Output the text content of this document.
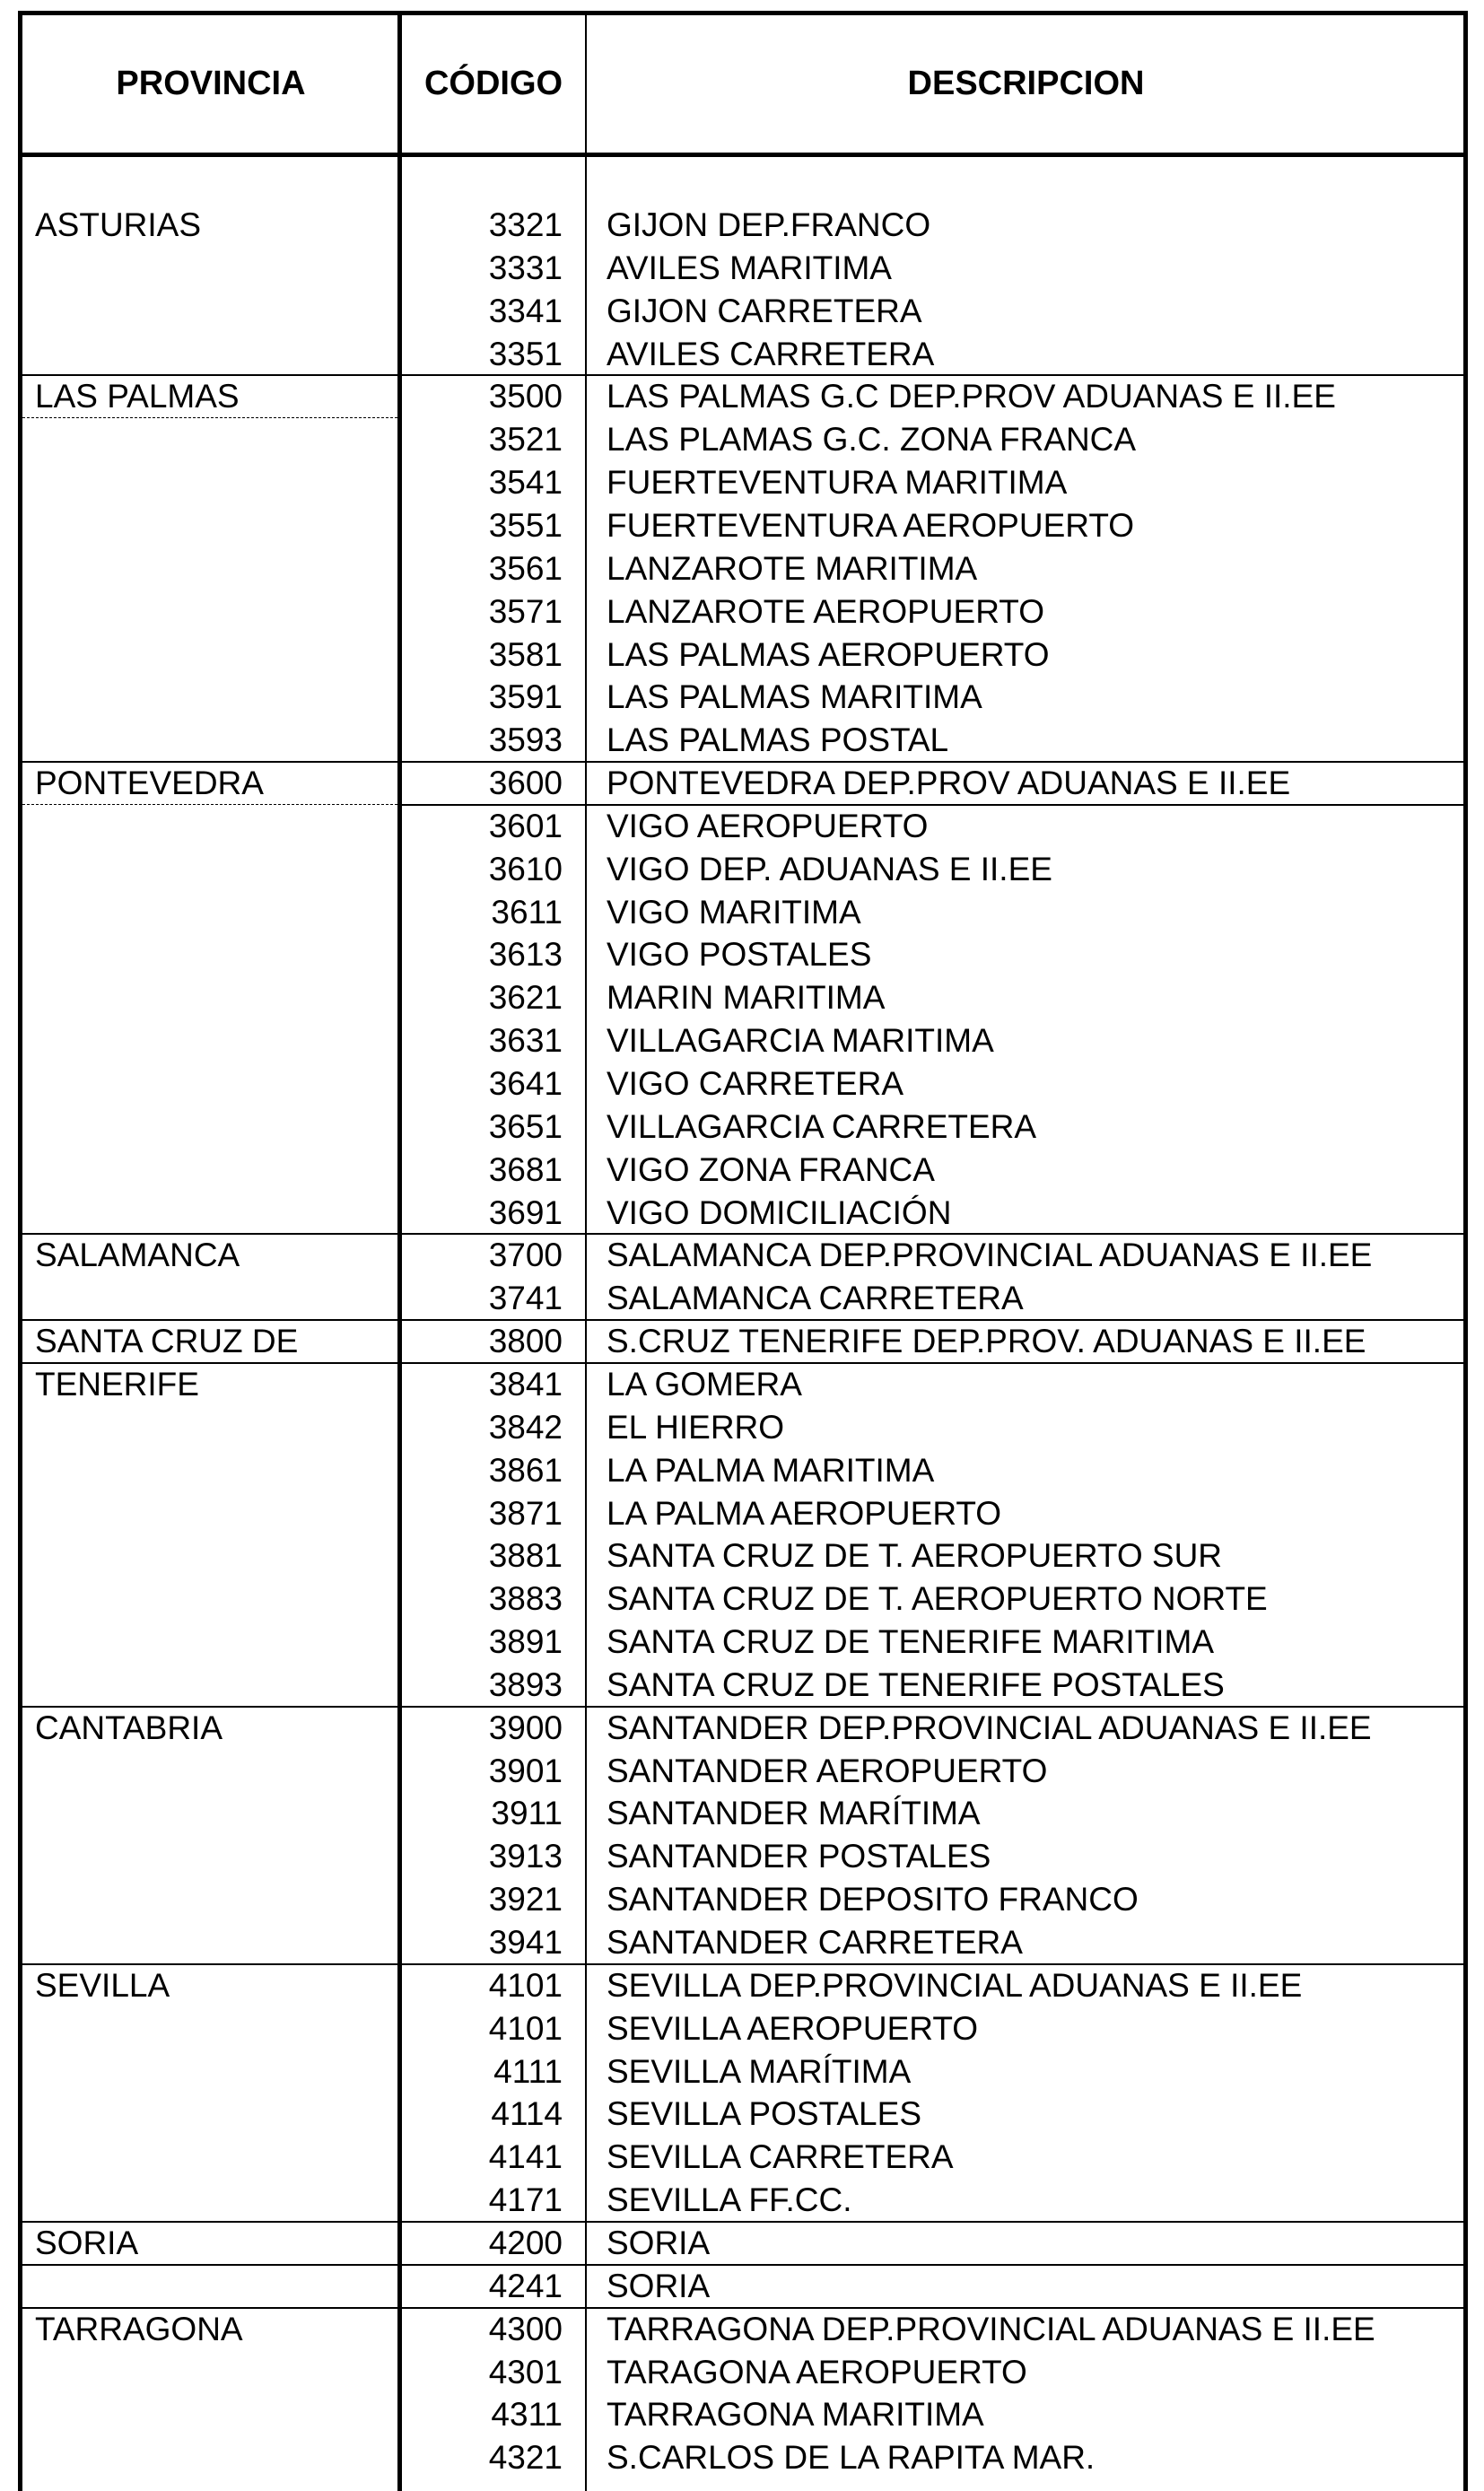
PROVINCIA	CÓDIGO	DESCRIPCION
ASTURIAS	3321 GIJON DEP.FRANCO
3331 AVILES MARITIMA
3341 GIJON CARRETERA
3351 AVILES CARRETERA
LAS PALMAS	3500 LAS PALMAS G.C DEP.PROV ADUANAS E II.EE
3521 LAS PLAMAS G.C. ZONA FRANCA
3541 FUERTEVENTURA MARITIMA
3551 FUERTEVENTURA AEROPUERTO
3561 LANZAROTE MARITIMA
3571 LANZAROTE AEROPUERTO
3581 LAS PALMAS AEROPUERTO
3591 LAS PALMAS MARITIMA
3593 LAS PALMAS POSTAL
PONTEVEDRA	3600 PONTEVEDRA DEP.PROV ADUANAS E II.EE
3601 VIGO AEROPUERTO
3610 VIGO DEP. ADUANAS E II.EE
3611 VIGO MARITIMA
3613 VIGO POSTALES
3621 MARIN MARITIMA
3631 VILLAGARCIA MARITIMA
3641 VIGO CARRETERA
3651 VILLAGARCIA CARRETERA
3681 VIGO ZONA FRANCA
3691 VIGO DOMICILIACIÓN
SALAMANCA	3700 SALAMANCA DEP.PROVINCIAL ADUANAS E II.EE
3741 SALAMANCA CARRETERA
SANTA CRUZ DE	3800 S.CRUZ TENERIFE DEP.PROV. ADUANAS E II.EE
TENERIFE	3841 LA GOMERA
3842 EL HIERRO
3861 LA PALMA MARITIMA
3871 LA PALMA AEROPUERTO
3881 SANTA CRUZ DE T. AEROPUERTO SUR
3883 SANTA CRUZ DE T. AEROPUERTO NORTE
3891 SANTA CRUZ DE TENERIFE MARITIMA
3893 SANTA CRUZ DE TENERIFE POSTALES
CANTABRIA	3900 SANTANDER DEP.PROVINCIAL ADUANAS E II.EE
3901 SANTANDER AEROPUERTO
3911 SANTANDER MARÍTIMA
3913 SANTANDER POSTALES
3921 SANTANDER DEPOSITO FRANCO
3941 SANTANDER CARRETERA
SEVILLA	4101 SEVILLA DEP.PROVINCIAL ADUANAS E II.EE
4101 SEVILLA AEROPUERTO
4111 SEVILLA MARÍTIMA
4114 SEVILLA POSTALES
4141 SEVILLA CARRETERA
4171 SEVILLA FF.CC.
SORIA	4200 SORIA
4241 SORIA
TARRAGONA	4300 TARRAGONA DEP.PROVINCIAL ADUANAS E II.EE
4301 TARAGONA AEROPUERTO
4311 TARRAGONA MARITIMA
4321 S.CARLOS DE LA RAPITA MAR.
